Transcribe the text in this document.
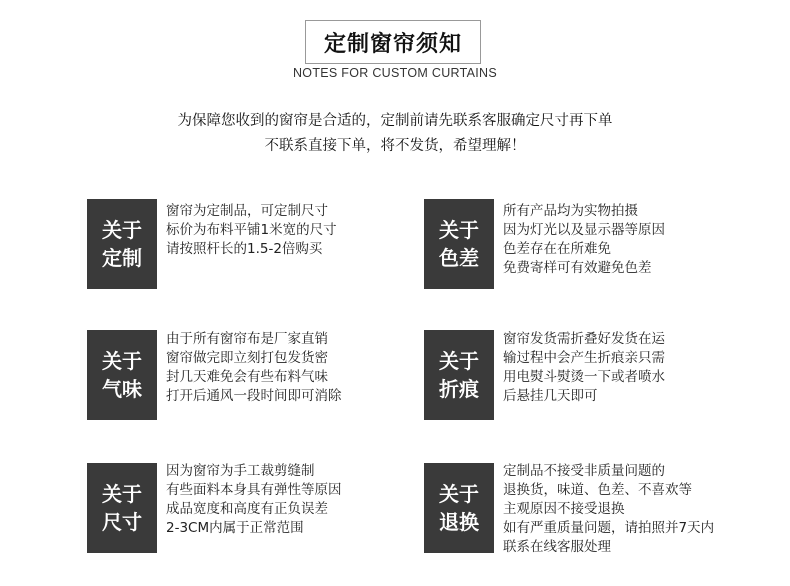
定制窗帘须知
NOTES FOR CUSTOM CURTAINS
为保障您收到的窗帘是合适的，定制前请先联系客服确定尺寸再下单
不联系直接下单，将不发货，希望理解！
关于
定制
窗帘为定制品，可定制尺寸
标价为布料平铺1米宽的尺寸
请按照杆长的1.5-2倍购买
关于
色差
所有产品均为实物拍摄
因为灯光以及显示器等原因
色差存在在所难免
免费寄样可有效避免色差
关于
气味
由于所有窗帘布是厂家直销
窗帘做完即立刻打包发货密
封几天难免会有些布料气味
打开后通风一段时间即可消除
关于
折痕
窗帘发货需折叠好发货在运
输过程中会产生折痕亲只需
用电熨斗熨烫一下或者喷水
后悬挂几天即可
关于
尺寸
因为窗帘为手工裁剪缝制
有些面料本身具有弹性等原因
成品宽度和高度有正负误差
2-3CM内属于正常范围
关于
退换
定制品不接受非质量问题的
退换货，味道、色差、不喜欢等
主观原因不接受退换
如有严重质量问题，请拍照并7天内
联系在线客服处理
